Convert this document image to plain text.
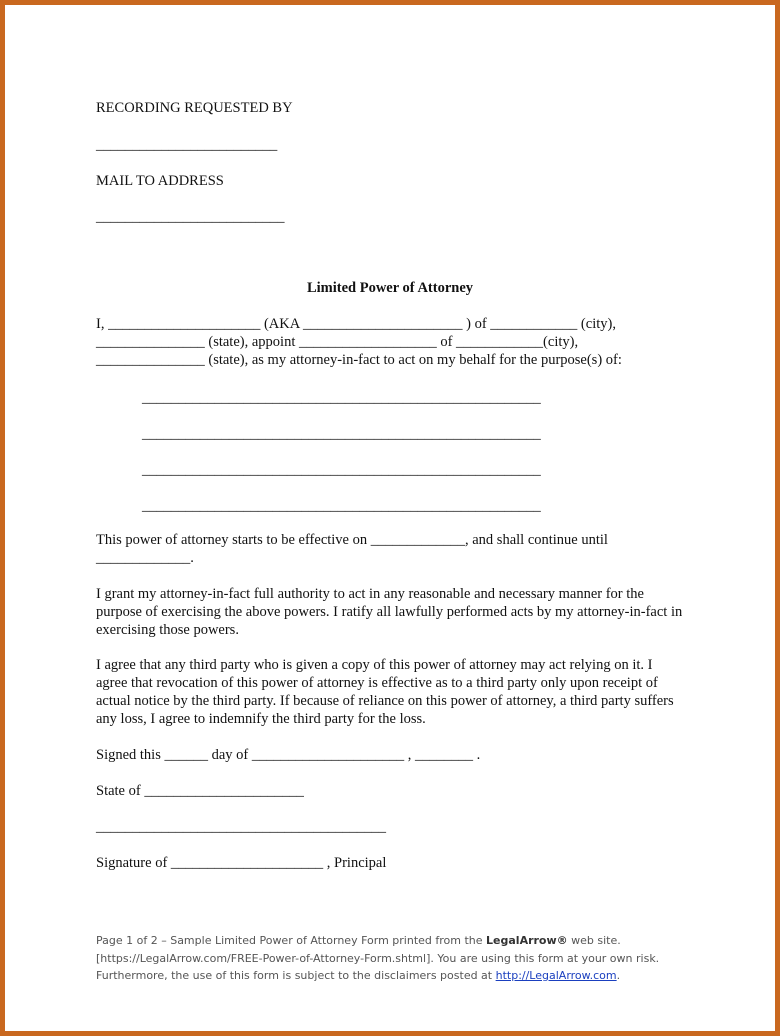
RECORDING REQUESTED BY
_________________________
MAIL TO ADDRESS
__________________________
Limited Power of Attorney
I, _____________________ (AKA ______________________ ) of ____________ (city),
_______________ (state), appoint ___________________ of ____________(city),
_______________ (state), as my attorney-in-fact to act on my behalf for the purpose(s) of:
_______________________________________________________
_______________________________________________________
_______________________________________________________
_______________________________________________________
This power of attorney starts to be effective on _____________, and shall continue until
_____________.
I grant my attorney-in-fact full authority to act in any reasonable and necessary manner for the purpose of exercising the above powers. I ratify all lawfully performed acts by my attorney-in-fact in exercising those powers.
I agree that any third party who is given a copy of this power of attorney may act relying on it. I agree that revocation of this power of attorney is effective as to a third party only upon receipt of actual notice by the third party. If because of reliance on this power of attorney, a third party suffers any loss, I agree to indemnify the third party for the loss.
Signed this ______ day of _____________________ , ________ .
State of ______________________
________________________________________
Signature of _____________________ , Principal
Page 1 of 2 – Sample Limited Power of Attorney Form printed from the LegalArrow® web site.
[https://LegalArrow.com/FREE-Power-of-Attorney-Form.shtml]. You are using this form at your own risk.
Furthermore, the use of this form is subject to the disclaimers posted at http://LegalArrow.com.
